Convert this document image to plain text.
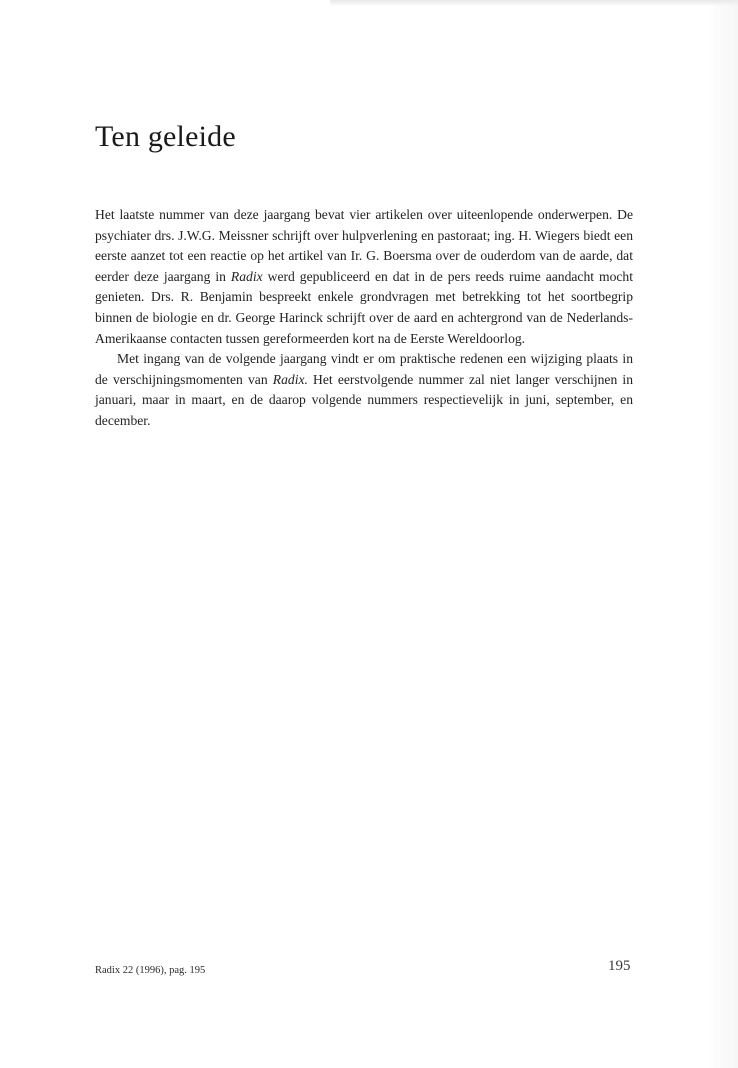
Ten geleide

Het laatste nummer van deze jaargang bevat vier artikelen over uiteenlopende onderwerpen. De psychiater drs. J.W.G. Meissner schrijft over hulpverlening en pastoraat; ing. H. Wiegers biedt een eerste aanzet tot een reactie op het artikel van Ir. G. Boersma over de ouderdom van de aarde, dat eerder deze jaargang in Radix werd gepubliceerd en dat in de pers reeds ruime aandacht mocht genieten. Drs. R. Benjamin bespreekt enkele grondvragen met betrekking tot het soortbegrip binnen de biologie en dr. George Harinck schrijft over de aard en achtergrond van de Nederlands-Amerikaanse contacten tussen gereformeerden kort na de Eerste Wereldoorlog.

Met ingang van de volgende jaargang vindt er om praktische redenen een wijziging plaats in de verschijningsmomenten van Radix. Het eerstvolgende nummer zal niet langer verschijnen in januari, maar in maart, en de daarop volgende nummers respectievelijk in juni, september, en december.

Radix 22 (1996), pag. 195	195
